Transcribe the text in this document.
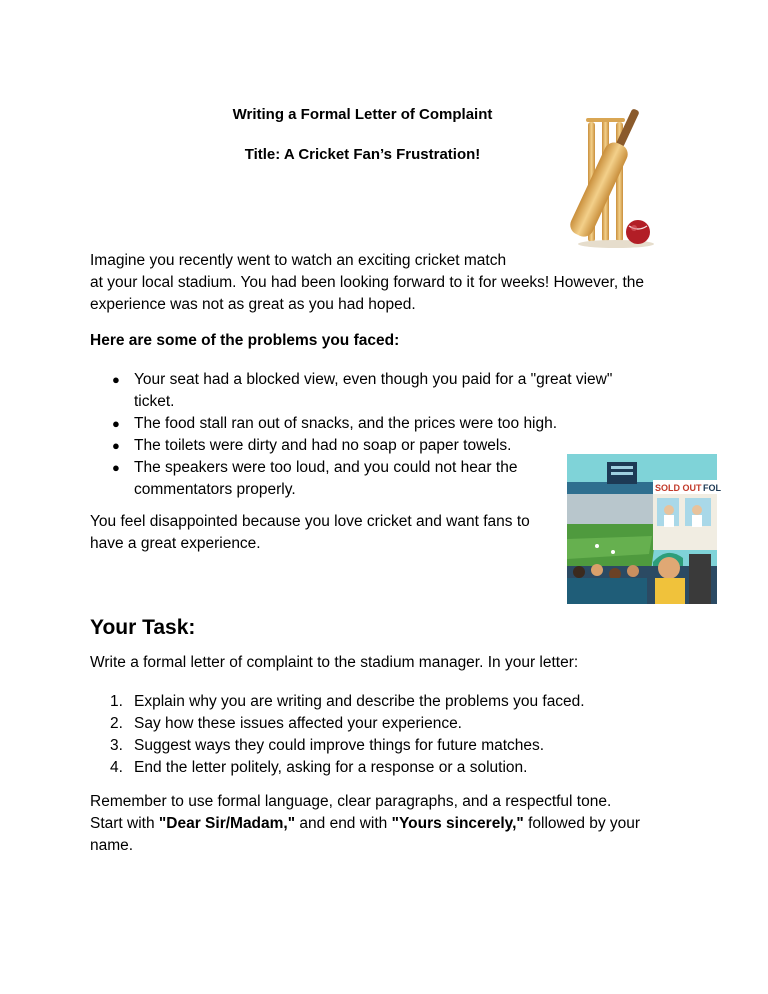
Writing a Formal Letter of Complaint

Title: A Cricket Fan’s Frustration!

Imagine you recently went to watch an exciting cricket match
at your local stadium. You had been looking forward to it for weeks! However, the
experience was not as great as you had hoped.

Here are some of the problems you faced:

● Your seat had a blocked view, even though you paid for a "great view"
ticket.
● The food stall ran out of snacks, and the prices were too high.
● The toilets were dirty and had no soap or paper towels.
● The speakers were too loud, and you could not hear the
commentators properly.	SOLD OUT FOL

You feel disappointed because you love cricket and want fans to
have a great experience.

Your Task:

Write a formal letter of complaint to the stadium manager. In your letter:

1. Explain why you are writing and describe the problems you faced.
2. Say how these issues affected your experience.
3. Suggest ways they could improve things for future matches.
4. End the letter politely, asking for a response or a solution.

Remember to use formal language, clear paragraphs, and a respectful tone.
Start with "Dear Sir/Madam," and end with "Yours sincerely," followed by your
name.
